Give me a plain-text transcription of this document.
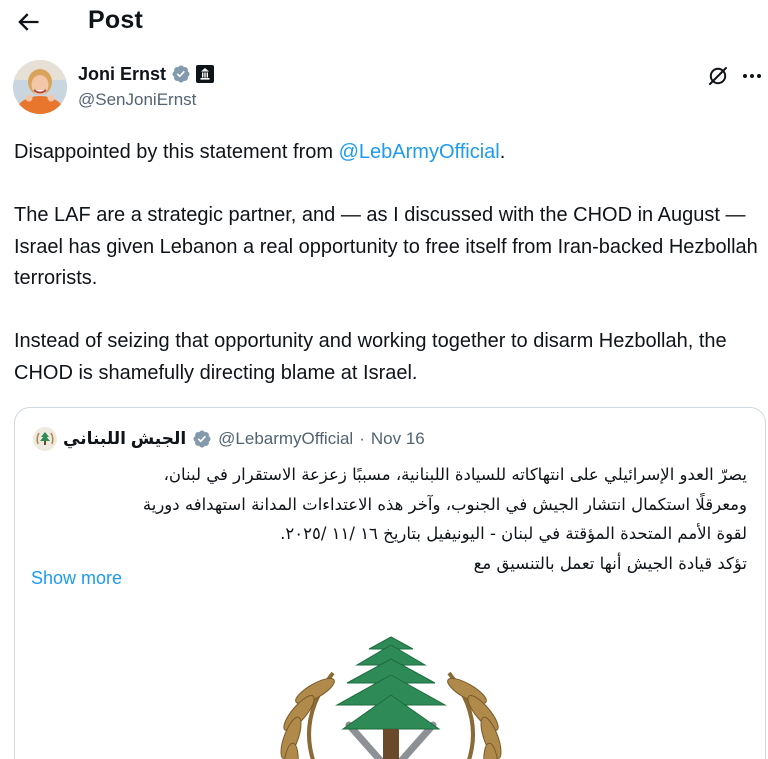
Post
Joni Ernst
@SenJoniErnst

Disappointed by this statement from @LebArmyOfficial.

The LAF are a strategic partner, and — as I discussed with the CHOD in August — Israel has given Lebanon a real opportunity to free itself from Iran-backed Hezbollah terrorists.

Instead of seizing that opportunity and working together to disarm Hezbollah, the CHOD is shamefully directing blame at Israel.

الجيش اللبناني @LebarmyOfficial · Nov 16

يصرّ العدو الإسرائيلي على انتهاكاته للسيادة اللبنانية، مسببًا زعزعة الاستقرار في لبنان،

ومعرقلًا استكمال انتشار الجيش في الجنوب، وآخر هذه الاعتداءات المدانة استهدافه دورية

لقوة الأمم المتحدة المؤقتة في لبنان - اليونيفيل بتاريخ ١٦ /١١ /٢٠٢٥.

تؤكد قيادة الجيش أنها تعمل بالتنسيق مع

Show more
